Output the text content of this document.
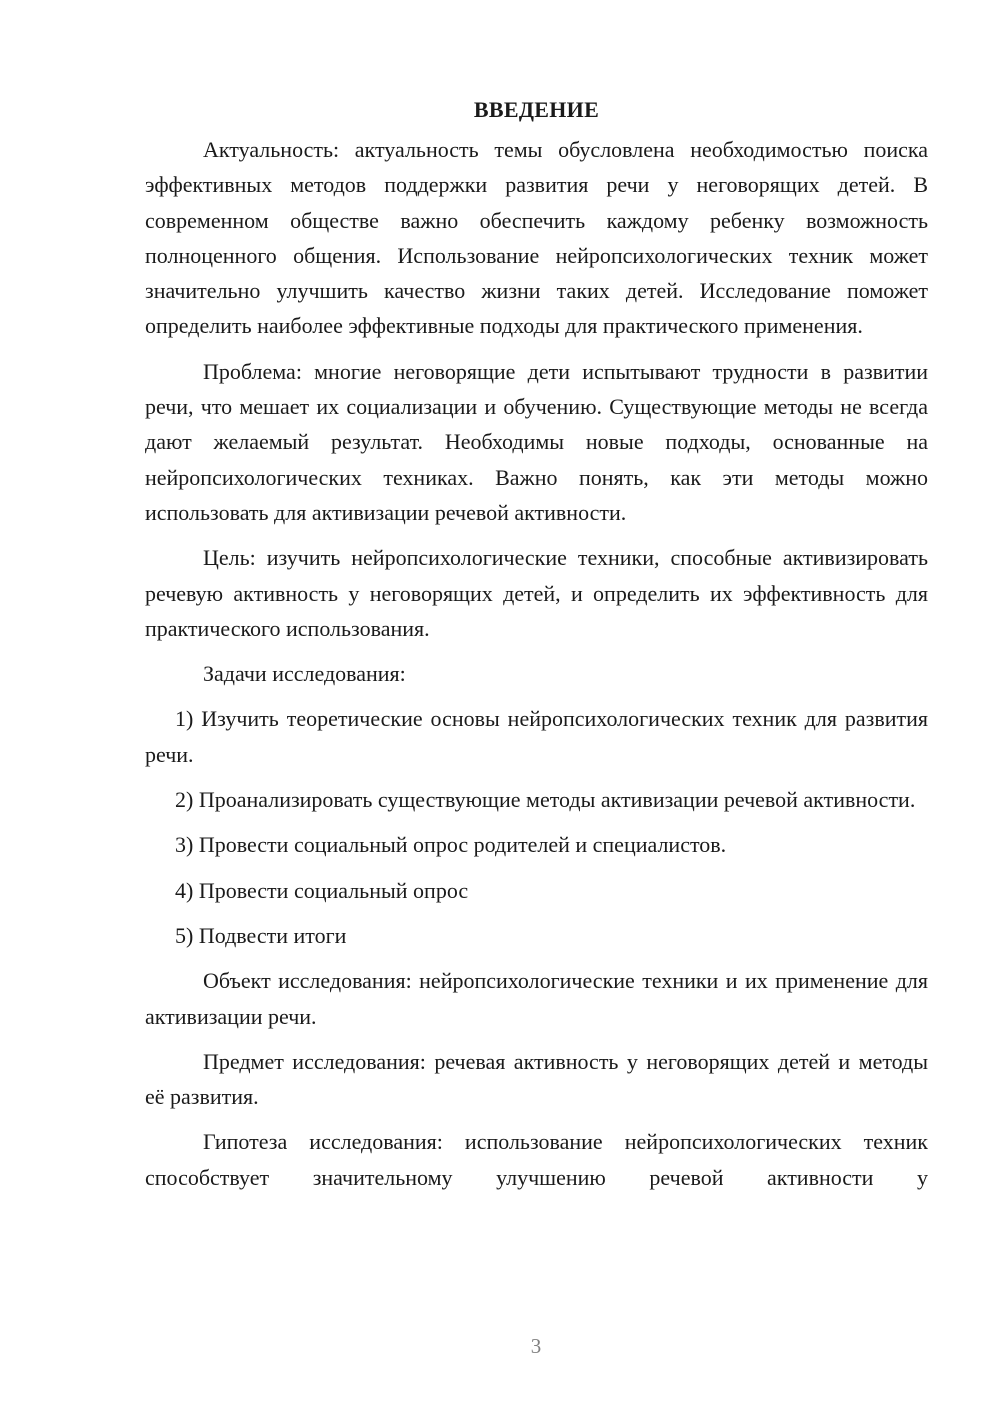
ВВЕДЕНИЕ

Актуальность: актуальность темы обусловлена необходимостью поиска эффективных методов поддержки развития речи у неговорящих детей. В современном обществе важно обеспечить каждому ребенку возможность полноценного общения. Использование нейропсихологических техник может значительно улучшить качество жизни таких детей. Исследование поможет определить наиболее эффективные подходы для практического применения.

Проблема: многие неговорящие дети испытывают трудности в развитии речи, что мешает их социализации и обучению. Существующие методы не всегда дают желаемый результат. Необходимы новые подходы, основанные на нейропсихологических техниках. Важно понять, как эти методы можно использовать для активизации речевой активности.

Цель: изучить нейропсихологические техники, способные активизировать речевую активность у неговорящих детей, и определить их эффективность для практического использования.

Задачи исследования:

1) Изучить теоретические основы нейропсихологических техник для развития речи.

2) Проанализировать существующие методы активизации речевой активности.

3) Провести социальный опрос родителей и специалистов.

4) Провести социальный опрос

5) Подвести итоги

Объект исследования: нейропсихологические техники и их применение для активизации речи.

Предмет исследования: речевая активность у неговорящих детей и методы её развития.

Гипотеза исследования: использование нейропсихологических техник способствует значительному улучшению речевой активности у

3
